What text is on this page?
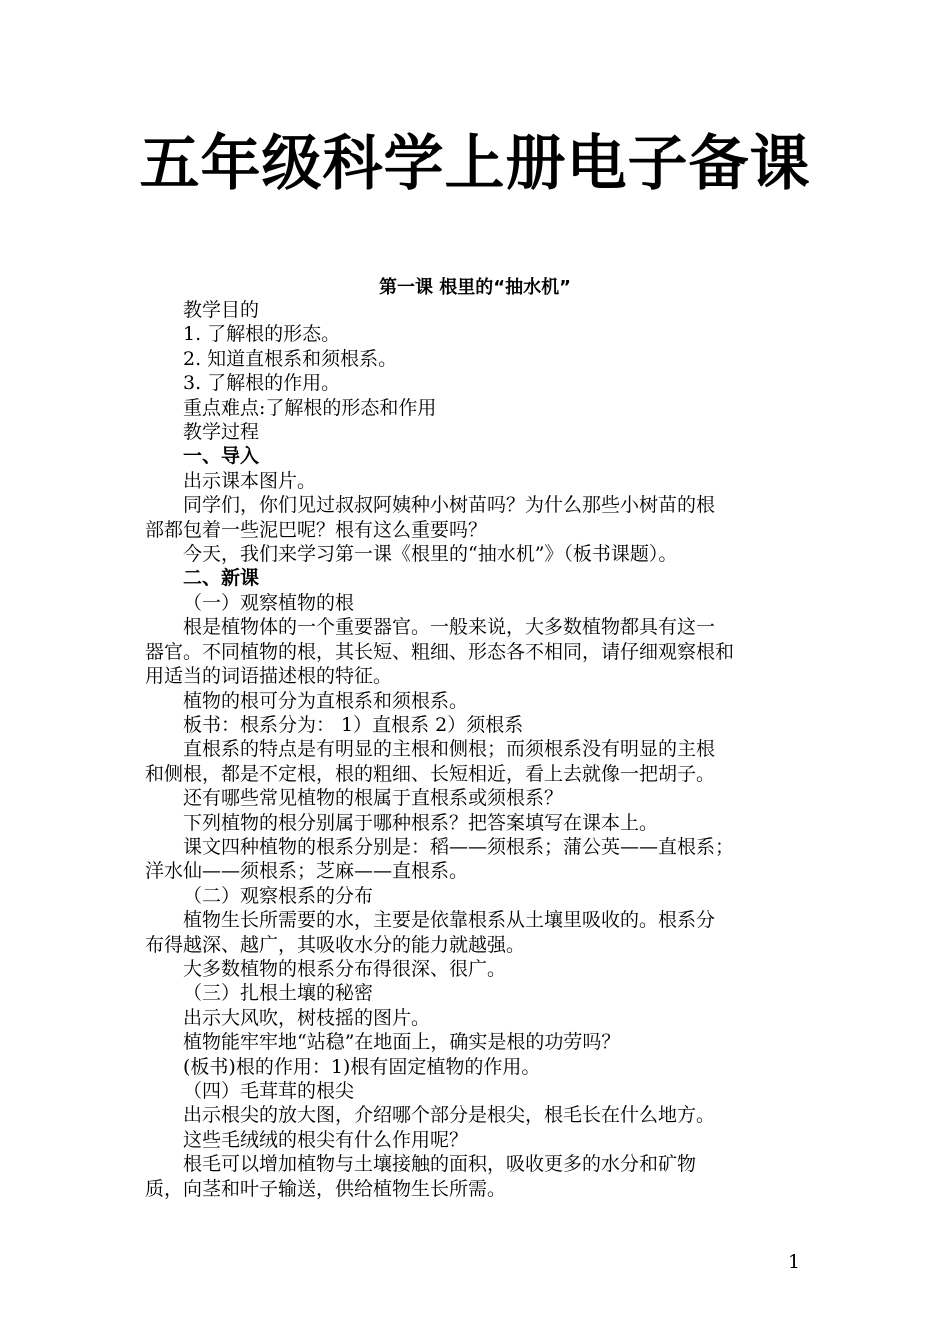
五年级科学上册电子备课
第一课 根里的“抽水机”

教学目的

1. 了解根的形态。

2. 知道直根系和须根系。

3. 了解根的作用。

重点难点:了解根的形态和作用

教学过程

一、导入

出示课本图片。

同学们，你们见过叔叔阿姨种小树苗吗？为什么那些小树苗的根

部都包着一些泥巴呢？根有这么重要吗？

今天，我们来学习第一课《根里的“抽水机”》（板书课题）。

二、新课

（一）观察植物的根

根是植物体的一个重要器官。一般来说，大多数植物都具有这一

器官。不同植物的根，其长短、粗细、形态各不相同，请仔细观察根和

用适当的词语描述根的特征。

植物的根可分为直根系和须根系。

板书：根系分为： 1）直根系 2）须根系

直根系的特点是有明显的主根和侧根；而须根系没有明显的主根

和侧根，都是不定根，根的粗细、长短相近，看上去就像一把胡子。

还有哪些常见植物的根属于直根系或须根系？

下列植物的根分别属于哪种根系？把答案填写在课本上。

课文四种植物的根系分别是：稻——须根系；蒲公英——直根系；

洋水仙——须根系；芝麻——直根系。

（二）观察根系的分布

植物生长所需要的水，主要是依靠根系从土壤里吸收的。根系分

布得越深、越广，其吸收水分的能力就越强。

大多数植物的根系分布得很深、很广。

（三）扎根土壤的秘密

出示大风吹，树枝摇的图片。

植物能牢牢地“站稳”在地面上，确实是根的功劳吗？

(板书)根的作用：1)根有固定植物的作用。

（四）毛茸茸的根尖

出示根尖的放大图，介绍哪个部分是根尖，根毛长在什么地方。

这些毛绒绒的根尖有什么作用呢？

根毛可以增加植物与土壤接触的面积，吸收更多的水分和矿物

质，向茎和叶子输送，供给植物生长所需。

1
